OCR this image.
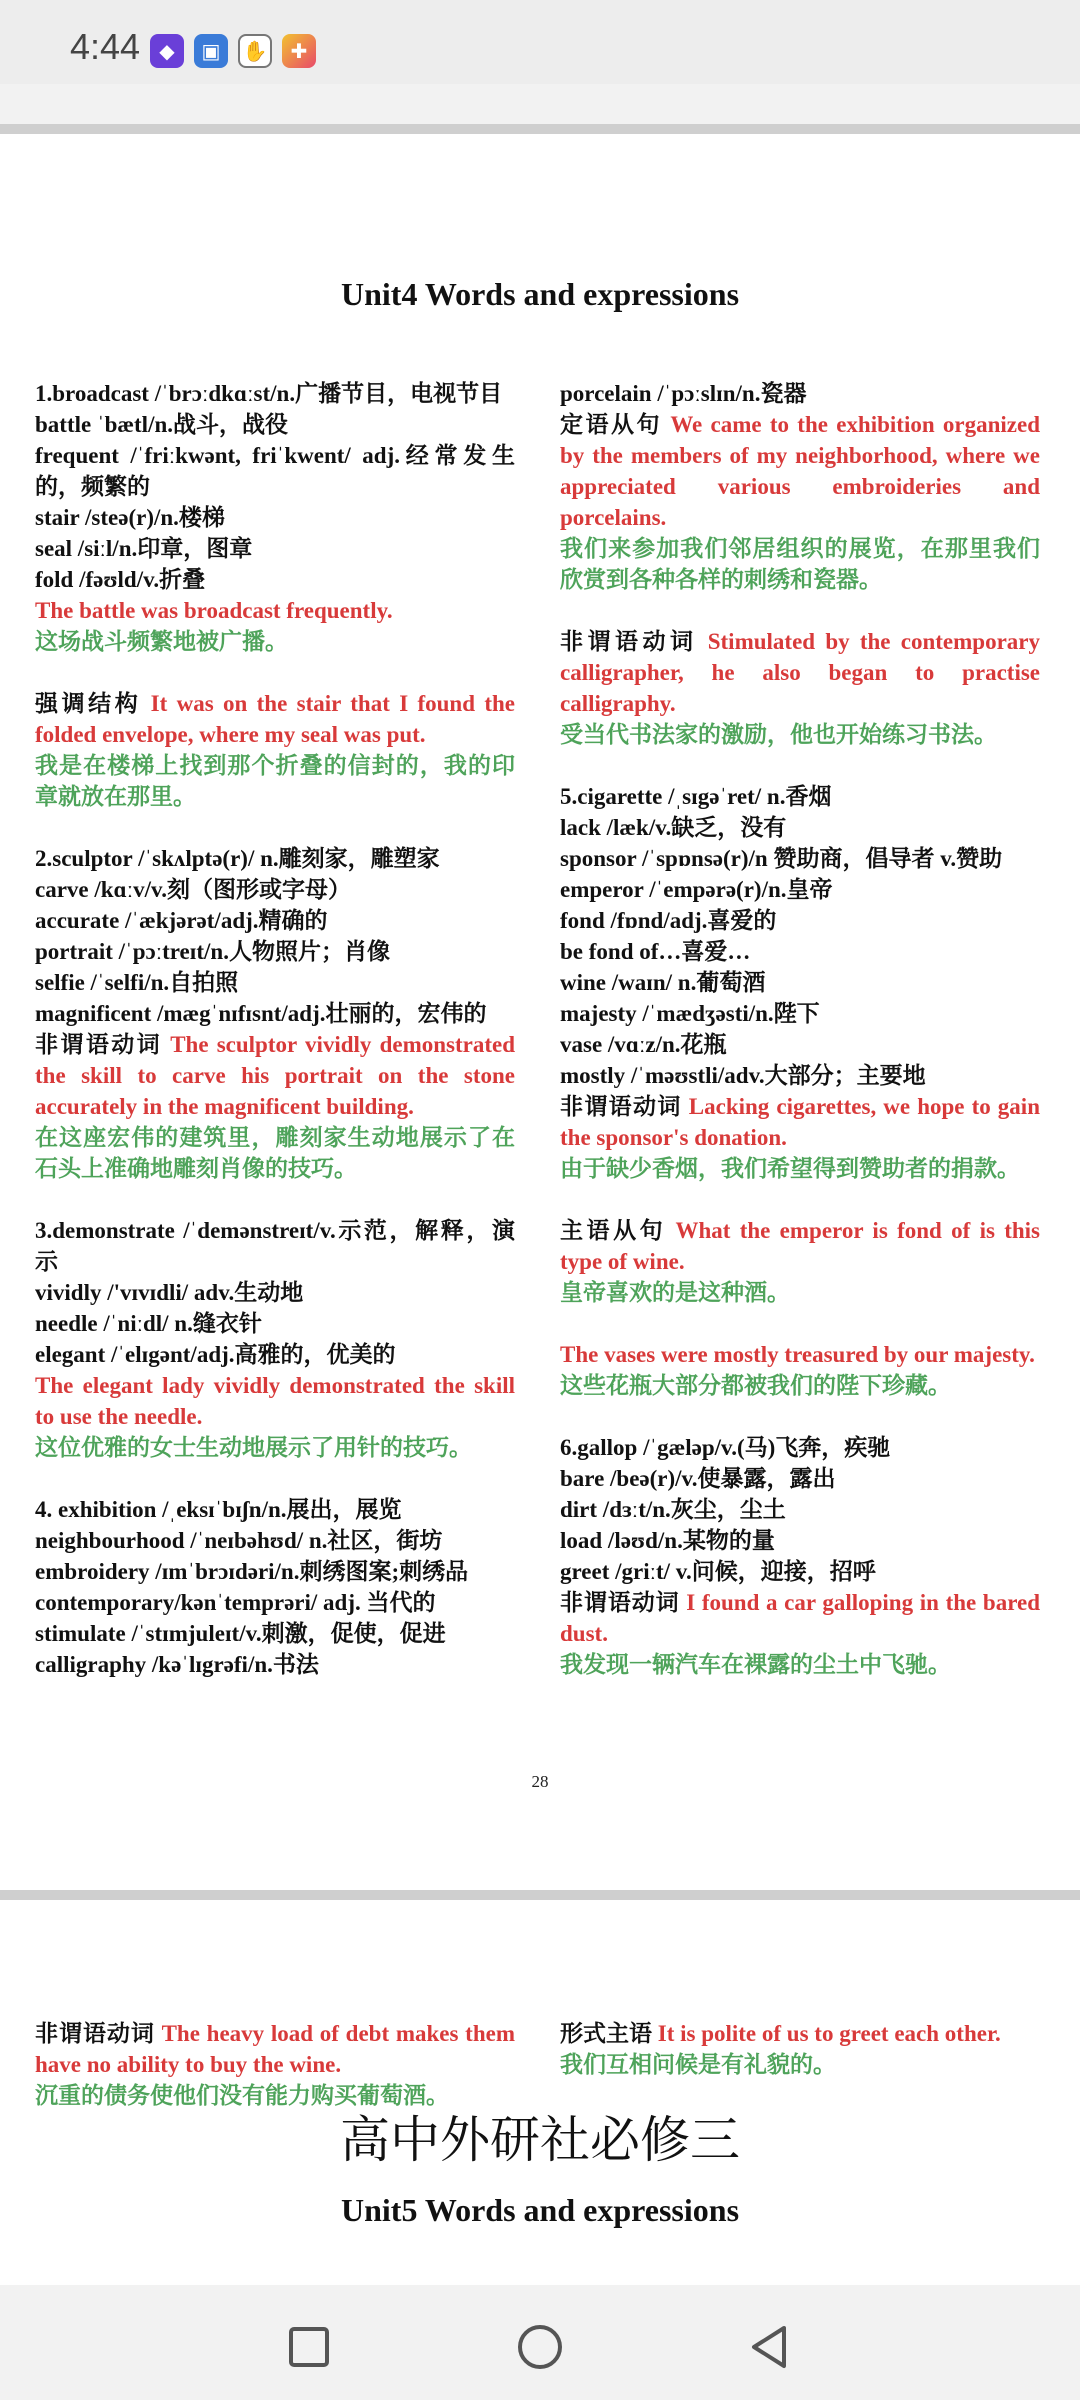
4:44 ◆	▣	✋	✚
Unit4 Words and expressions

1.broadcast /ˈbrɔːdkɑːst/n.广播节目，电视节目

battle ˈbætl/n.战斗，战役

frequent /ˈfriːkwənt, friˈkwent/ adj.经常发生的，频繁的

stair /steə(r)/n.楼梯

seal /siːl/n.印章，图章

fold /fəʊld/v.折叠

The battle was broadcast frequently.

这场战斗频繁地被广播。

强调结构 It was on the stair that I found the folded envelope, where my seal was put.

我是在楼梯上找到那个折叠的信封的，我的印章就放在那里。

2.sculptor /ˈskʌlptə(r)/ n.雕刻家，雕塑家

carve /kɑːv/v.刻（图形或字母）

accurate /ˈækjərət/adj.精确的

portrait /ˈpɔːtreɪt/n.人物照片；肖像

selfie /ˈselfi/n.自拍照

magnificent /mægˈnɪfɪsnt/adj.壮丽的，宏伟的

非谓语动词 The sculptor vividly demonstrated the skill to carve his portrait on the stone accurately in the magnificent building.

在这座宏伟的建筑里，雕刻家生动地展示了在石头上准确地雕刻肖像的技巧。

3.demonstrate /ˈdemənstreɪt/v.示范，解释，演示

vividly /'vɪvɪdli/ adv.生动地

needle /ˈniːdl/ n.缝衣针

elegant /ˈelɪgənt/adj.高雅的，优美的

The elegant lady vividly demonstrated the skill to use the needle.

这位优雅的女士生动地展示了用针的技巧。

4. exhibition /ˌeksɪˈbɪʃn/n.展出，展览

neighbourhood /ˈneɪbəhʊd/ n.社区，街坊

embroidery /ɪmˈbrɔɪdəri/n.刺绣图案;刺绣品

contemporary/kənˈtemprəri/ adj. 当代的

stimulate /ˈstɪmjuleɪt/v.刺激，促使，促进

calligraphy /kəˈlɪgrəfi/n.书法

porcelain /ˈpɔːslɪn/n.瓷器

定语从句 We came to the exhibition organized by the members of my neighborhood, where we appreciated various embroideries and porcelains.

我们来参加我们邻居组织的展览，在那里我们欣赏到各种各样的刺绣和瓷器。

非谓语动词 Stimulated by the contemporary calligrapher, he also began to practise calligraphy.

受当代书法家的激励，他也开始练习书法。

5.cigarette /ˌsɪgəˈret/ n.香烟

lack /læk/v.缺乏，没有

sponsor /ˈspɒnsə(r)/n 赞助商，倡导者 v.赞助

emperor /ˈempərə(r)/n.皇帝

fond /fɒnd/adj.喜爱的

be fond of…喜爱…

wine /waɪn/ n.葡萄酒

majesty /ˈmædʒəsti/n.陛下

vase /vɑːz/n.花瓶

mostly /ˈməʊstli/adv.大部分；主要地

非谓语动词 Lacking cigarettes, we hope to gain the sponsor's donation.

由于缺少香烟，我们希望得到赞助者的捐款。

主语从句 What the emperor is fond of is this type of wine.

皇帝喜欢的是这种酒。

The vases were mostly treasured by our majesty.

这些花瓶大部分都被我们的陛下珍藏。

6.gallop /ˈgæləp/v.(马)飞奔，疾驰

bare /beə(r)/v.使暴露，露出

dirt /dɜːt/n.灰尘，尘土

load /ləʊd/n.某物的量

greet /griːt/ v.问候，迎接，招呼

非谓语动词 I found a car galloping in the bared dust.

我发现一辆汽车在裸露的尘土中飞驰。

28

非谓语动词 The heavy load of debt makes them have no ability to buy the wine.

沉重的债务使他们没有能力购买葡萄酒。

形式主语 It is polite of us to greet each other.

我们互相问候是有礼貌的。

高中外研社必修三
Unit5 Words and expressions
